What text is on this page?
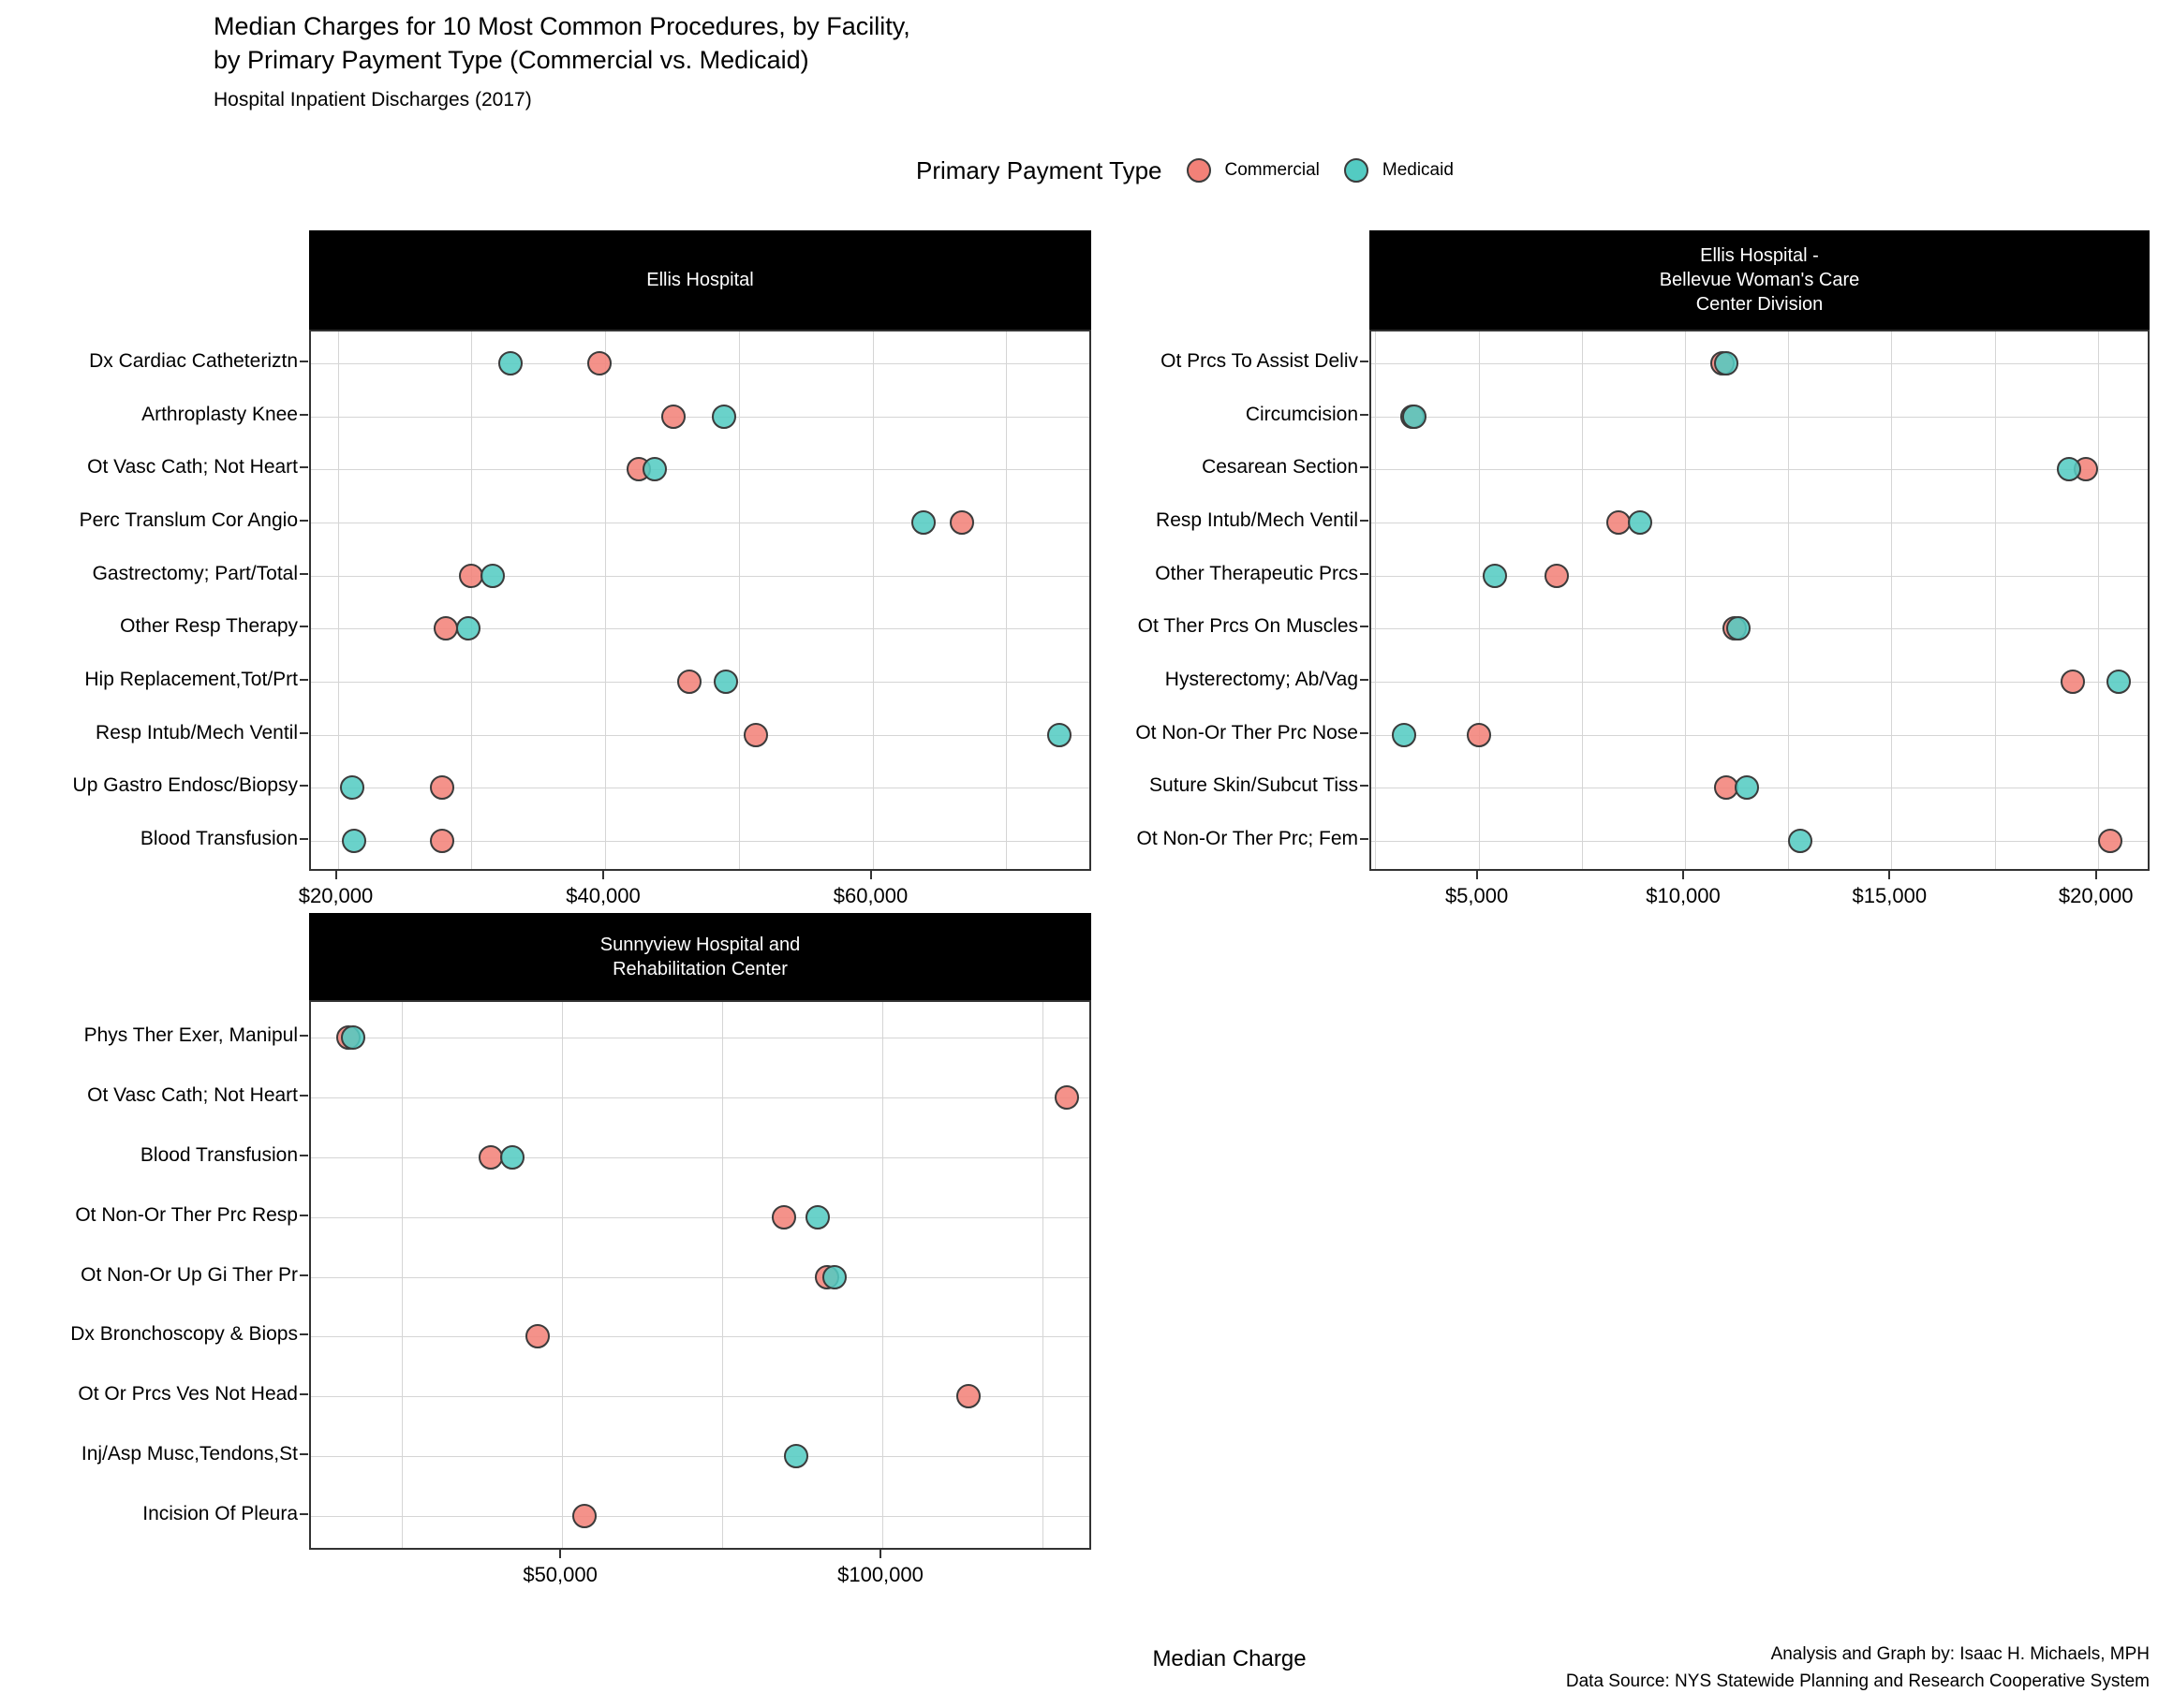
Median Charges for 10 Most Common Procedures, by Facility,
by Primary Payment Type (Commercial vs. Medicaid)
Hospital Inpatient Discharges (2017)
Primary Payment Type	Commercial	Medicaid
Ellis Hospital
Dx Cardiac Catheteriztn
Arthroplasty Knee
Ot Vasc Cath; Not Heart
Perc Translum Cor Angio
Gastrectomy; Part/Total
Other Resp Therapy
Hip Replacement,Tot/Prt
Resp Intub/Mech Ventil
Up Gastro Endosc/Biopsy
Blood Transfusion
$20,000	$40,000	$60,000
Ellis Hospital -
Bellevue Woman's Care
Center Division
Ot Prcs To Assist Deliv
Circumcision
Cesarean Section
Resp Intub/Mech Ventil
Other Therapeutic Prcs
Ot Ther Prcs On Muscles
Hysterectomy; Ab/Vag
Ot Non-Or Ther Prc Nose
Suture Skin/Subcut Tiss
Ot Non-Or Ther Prc; Fem
$5,000	$10,000	$15,000	$20,000
Sunnyview Hospital and
Rehabilitation Center
Phys Ther Exer, Manipul
Ot Vasc Cath; Not Heart
Blood Transfusion
Ot Non-Or Ther Prc Resp
Ot Non-Or Up Gi Ther Pr
Dx Bronchoscopy & Biops
Ot Or Prcs Ves Not Head
Inj/Asp Musc,Tendons,St
Incision Of Pleura
$50,000	$100,000
Median Charge	Analysis and Graph by: Isaac H. Michaels, MPH
Data Source: NYS Statewide Planning and Research Cooperative System
